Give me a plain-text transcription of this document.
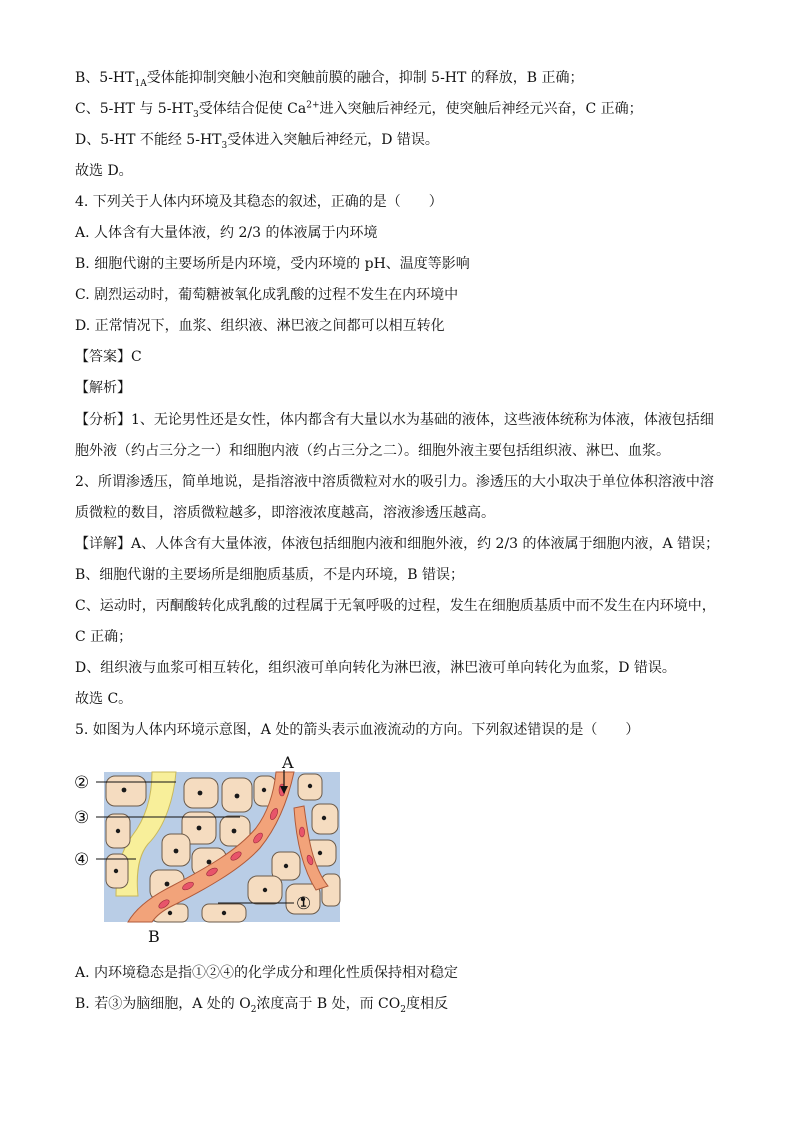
B、$5-HT_{1A}$受体能抑制突触小泡和突触前膜的融合，抑制 5-HT 的释放，B 正确；
C、5-HT 与 $5-HT_3$受体结合促使 $Ca^{2+}$进入突触后神经元，使突触后神经元兴奋，C 正确；
D、5-HT 不能经 $5-HT_3$受体进入突触后神经元，D 错误。
故选 D。
4. 下列关于人体内环境及其稳态的叙述，正确的是（　　）
A. 人体含有大量体液，约 2/3 的体液属于内环境
B. 细胞代谢的主要场所是内环境，受内环境的 pH、温度等影响
C. 剧烈运动时，葡萄糖被氧化成乳酸的过程不发生在内环境中
D. 正常情况下，血浆、组织液、淋巴液之间都可以相互转化
【答案】C
【解析】
【分析】1、无论男性还是女性，体内都含有大量以水为基础的液体，这些液体统称为体液，体液包括细
胞外液（约占三分之一）和细胞内液（约占三分之二）。细胞外液主要包括组织液、淋巴、血浆。
2、所谓渗透压，简单地说，是指溶液中溶质微粒对水的吸引力。渗透压的大小取决于单位体积溶液中溶
质微粒的数目，溶质微粒越多，即溶液浓度越高，溶液渗透压越高。
【详解】A、人体含有大量体液，体液包括细胞内液和细胞外液，约 2/3 的体液属于细胞内液，A 错误；
B、细胞代谢的主要场所是细胞质基质，不是内环境，B 错误；
C、运动时，丙酮酸转化成乳酸的过程属于无氧呼吸的过程，发生在细胞质基质中而不发生在内环境中，
C 正确；
D、组织液与血浆可相互转化，组织液可单向转化为淋巴液，淋巴液可单向转化为血浆，D 错误。
故选 C。
5. 如图为人体内环境示意图，A 处的箭头表示血液流动的方向。下列叙述错误的是（　　）
②
③
④
①
A
B
A. 内环境稳态是指①②④的化学成分和理化性质保持相对稳定
B. 若③为脑细胞，A 处的 $O_2$浓度高于 B 处，而 $CO_2$度相反
